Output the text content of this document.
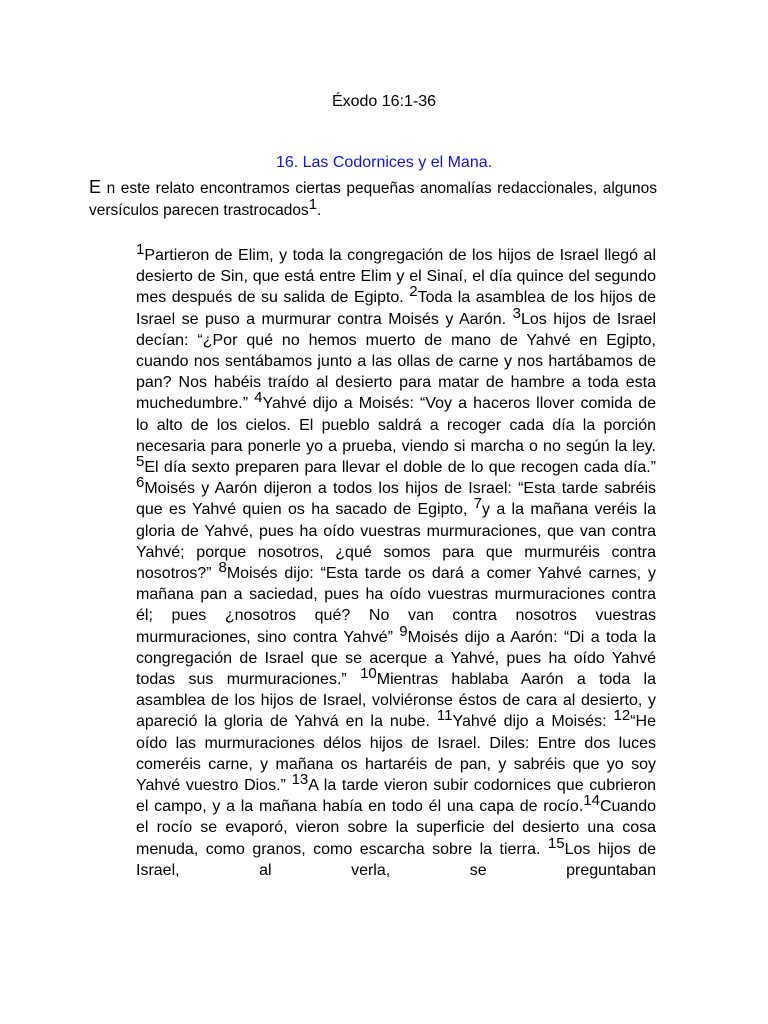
Éxodo 16:1-36
16. Las Codornices y el Mana.

E n este relato encontramos ciertas pequeñas anomalías redaccionales, algunos versículos parecen trastrocados$^1$.

$^1$Partieron de Elim, y toda la congregación de los hijos de Israel llegó al desierto de Sin, que está entre Elim y el Sinaí, el día quince del segundo mes después de su salida de Egipto. $^2$Toda la asamblea de los hijos de Israel se puso a murmurar contra Moisés y Aarón. $^3$Los hijos de Israel decían: “¿Por qué no hemos muerto de mano de Yahvé en Egipto, cuando nos sentábamos junto a las ollas de carne y nos hartábamos de pan? Nos habéis traído al desierto para matar de hambre a toda esta muchedumbre.” $^4$Yahvé dijo a Moisés: “Voy a haceros llover comida de lo alto de los cielos. El pueblo saldrá a recoger cada día la porción necesaria para ponerle yo a prueba, viendo si marcha o no según la ley. $^5$El día sexto preparen para llevar el doble de lo que recogen cada día.” $^6$Moisés y Aarón dijeron a todos los hijos de Israel: “Esta tarde sabréis que es Yahvé quien os ha sacado de Egipto, $^7$y a la mañana veréis la gloria de Yahvé, pues ha oído vuestras murmuraciones, que van contra Yahvé; porque nosotros, ¿qué somos para que murmuréis contra nosotros?” $^8$Moisés dijo: “Esta tarde os dará a comer Yahvé carnes, y mañana pan a saciedad, pues ha oído vuestras murmuraciones contra él; pues ¿nosotros qué? No van contra nosotros vuestras murmuraciones, sino contra Yahvé” $^9$Moisés dijo a Aarón: “Di a toda la congregación de Israel que se acerque a Yahvé, pues ha oído Yahvé todas sus murmuraciones.” $^{10}$Mientras hablaba Aarón a toda la asamblea de los hijos de Israel, volviéronse éstos de cara al desierto, y apareció la gloria de Yahvá en la nube. $^{11}$Yahvé dijo a Moisés: $^{12}$“He oído las murmuraciones délos hijos de Israel. Diles: Entre dos luces comeréis carne, y mañana os hartaréis de pan, y sabréis que yo soy Yahvé vuestro Dios.” $^{13}$A la tarde vieron subir codornices que cubrieron el campo, y a la mañana había en todo él una capa de rocío.$^{14}$Cuando el rocío se evaporó, vieron sobre la superficie del desierto una cosa menuda, como granos, como escarcha sobre la tierra. $^{15}$Los hijos de Israel, al verla, se preguntaban
